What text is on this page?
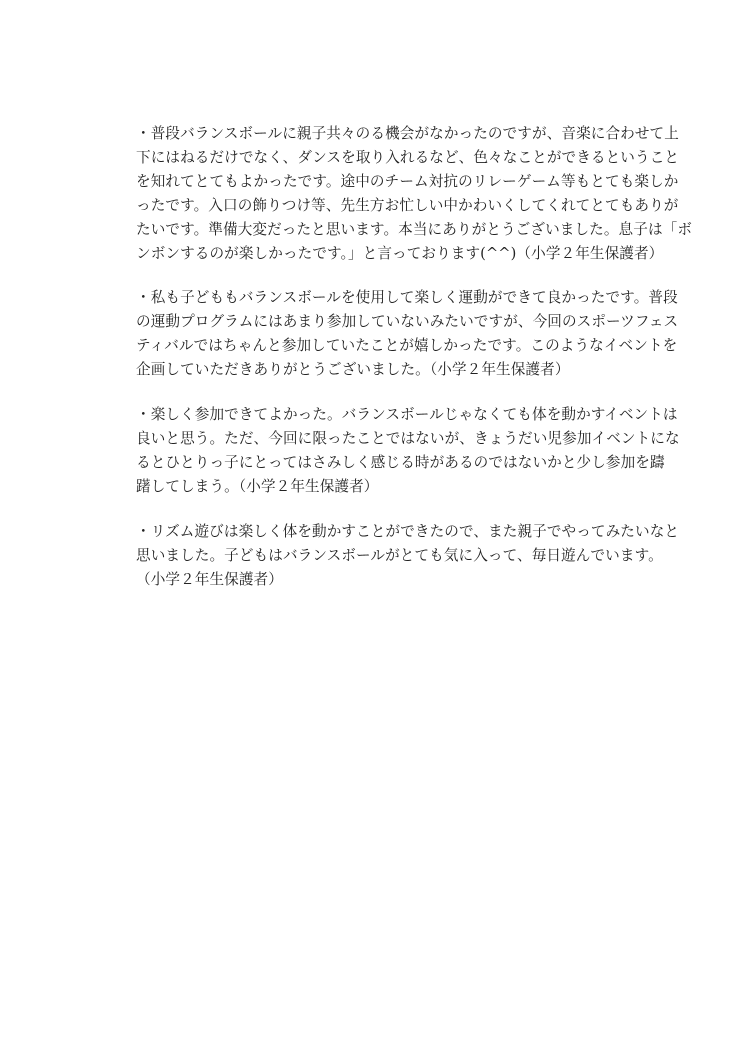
・普段バランスボールに親子共々のる機会がなかったのですが、音楽に合わせて上
下にはねるだけでなく、ダンスを取り入れるなど、色々なことができるということ
を知れてとてもよかったです。途中のチーム対抗のリレーゲーム等もとても楽しか
ったです。入口の飾りつけ等、先生方お忙しい中かわいくしてくれてとてもありが
たいです。準備大変だったと思います。本当にありがとうございました。息子は「ボ
ンボンするのが楽しかったです。」と言っております(^^)（小学２年生保護者）

・私も子どももバランスボールを使用して楽しく運動ができて良かったです。普段
の運動プログラムにはあまり参加していないみたいですが、今回のスポーツフェス
ティバルではちゃんと参加していたことが嬉しかったです。このようなイベントを
企画していただきありがとうございました。（小学２年生保護者）

・楽しく参加できてよかった。バランスボールじゃなくても体を動かすイベントは
良いと思う。ただ、今回に限ったことではないが、きょうだい児参加イベントにな
るとひとりっ子にとってはさみしく感じる時があるのではないかと少し参加を躊
躇してしまう。（小学２年生保護者）

・リズム遊びは楽しく体を動かすことができたので、また親子でやってみたいなと
思いました。子どもはバランスボールがとても気に入って、毎日遊んでいます。
（小学２年生保護者）
